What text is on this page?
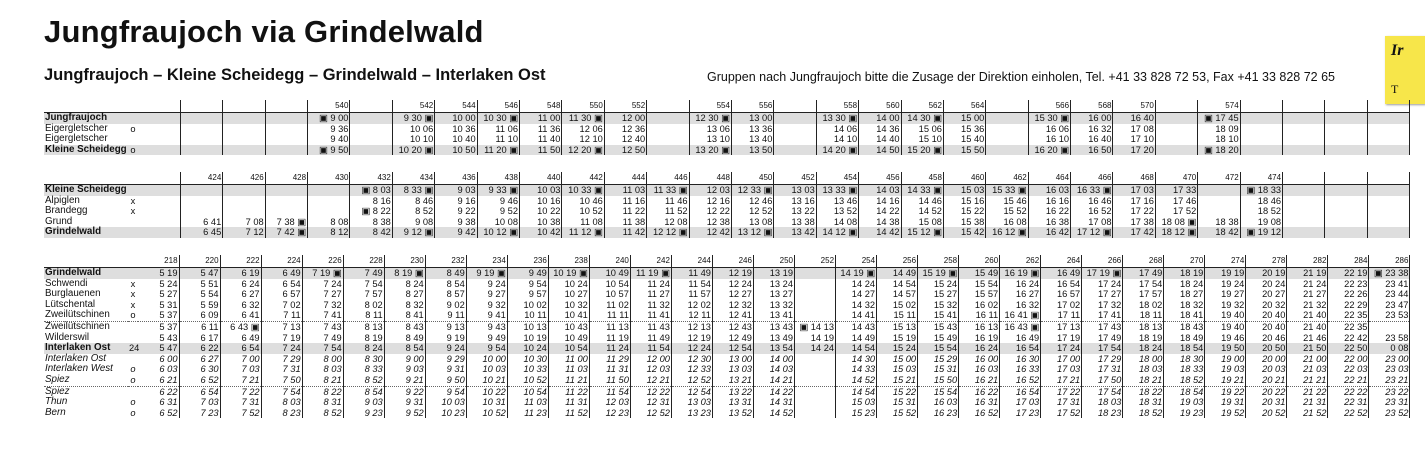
Jungfraujoch via Grindelwald
Jungfraujoch – Kleine Scheidegg – Grindelwald – Interlaken Ost	Gruppen nach Jungfraujoch bitte die Zusage der Direktion einholen, Tel. +41 33 828 72 53, Fax +41 33 828 72 65
Ir
T
						540		542	544	546	548	550	552		554	556		558	560	562	564		566	568	570		574				
Jungfraujoch						▣ 9 00		9 30 ▣	10 00	10 30 ▣	11 00	11 30 ▣	12 00		12 30 ▣	13 00		13 30 ▣	14 00	14 30 ▣	15 00		15 30 ▣	16 00	16 40		▣ 17 45				
Eigergletscher	o					9 36		10 06	10 36	11 06	11 36	12 06	12 36		13 06	13 36		14 06	14 36	15 06	15 36		16 06	16 32	17 08		18 09				
Eigergletscher						9 40		10 10	10 40	11 10	11 40	12 10	12 40		13 10	13 40		14 10	14 40	15 10	15 40		16 10	16 40	17 10		18 10				
Kleine Scheidegg	o					▣ 9 50		10 20 ▣	10 50	11 20 ▣	11 50	12 20 ▣	12 50		13 20 ▣	13 50		14 20 ▣	14 50	15 20 ▣	15 50		16 20 ▣	16 50	17 20		▣ 18 20				
			424	426	428	430	432	434	436	438	440	442	444	446	448	450	452	454	456	458	460	462	464	466	468	470	472	474			
Kleine Scheidegg							▣ 8 03	8 33 ▣	9 03	9 33 ▣	10 03	10 33 ▣	11 03	11 33 ▣	12 03	12 33 ▣	13 03	13 33 ▣	14 03	14 33 ▣	15 03	15 33 ▣	16 03	16 33 ▣	17 03	17 33		▣ 18 33			
Alpiglen	x						8 16	8 46	9 16	9 46	10 16	10 46	11 16	11 46	12 16	12 46	13 16	13 46	14 16	14 46	15 16	15 46	16 16	16 46	17 16	17 46		18 46			
Brandegg	x						▣ 8 22	8 52	9 22	9 52	10 22	10 52	11 22	11 52	12 22	12 52	13 22	13 52	14 22	14 52	15 22	15 52	16 22	16 52	17 22	17 52		18 52			
Grund			6 41	7 08	7 38 ▣	8 08	8 38	9 08	9 38	10 08	10 38	11 08	11 38	12 08	12 38	13 08	13 38	14 08	14 38	15 08	15 38	16 08	16 38	17 08	17 38	18 08 ▣	18 38	19 08			
Grindelwald			6 45	7 12	7 42 ▣	8 12	8 42	9 12 ▣	9 42	10 12 ▣	10 42	11 12 ▣	11 42	12 12 ▣	12 42	13 12 ▣	13 42	14 12 ▣	14 42	15 12 ▣	15 42	16 12 ▣	16 42	17 12 ▣	17 42	18 12 ▣	18 42	▣ 19 12			
		218	220	222	224	226	228	230	232	234	236	238	240	242	244	246	250	252	254	256	258	260	262	264	266	268	270	274	278	282	284	286
Grindelwald		5 19	5 47	6 19	6 49	7 19 ▣	7 49	8 19 ▣	8 49	9 19 ▣	9 49	10 19 ▣	10 49	11 19 ▣	11 49	12 19	13 19		14 19 ▣	14 49	15 19 ▣	15 49	16 19 ▣	16 49	17 19 ▣	17 49	18 19	19 19	20 19	21 19	22 19	▣ 23 38
Schwendi	x	5 24	5 51	6 24	6 54	7 24	7 54	8 24	8 54	9 24	9 54	10 24	10 54	11 24	11 54	12 24	13 24		14 24	14 54	15 24	15 54	16 24	16 54	17 24	17 54	18 24	19 24	20 24	21 24	22 23	23 41
Burglauenen	x	5 27	5 54	6 27	6 57	7 27	7 57	8 27	8 57	9 27	9 57	10 27	10 57	11 27	11 57	12 27	13 27		14 27	14 57	15 27	15 57	16 27	16 57	17 27	17 57	18 27	19 27	20 27	21 27	22 26	23 44
Lütschental	x	5 31	5 59	6 32	7 02	7 32	8 02	8 32	9 02	9 32	10 02	10 32	11 02	11 32	12 02	12 32	13 32		14 32	15 02	15 32	16 02	16 32	17 02	17 32	18 02	18 32	19 32	20 32	21 32	22 29	23 47
Zweilütschinen	o	5 37	6 09	6 41	7 11	7 41	8 11	8 41	9 11	9 41	10 11	10 41	11 11	11 41	12 11	12 41	13 41		14 41	15 11	15 41	16 11	16 41 ▣	17 11	17 41	18 11	18 41	19 40	20 40	21 40	22 35	23 53
Zweilütschinen		5 37	6 11	6 43 ▣	7 13	7 43	8 13	8 43	9 13	9 43	10 13	10 43	11 13	11 43	12 13	12 43	13 43	▣ 14 13	14 43	15 13	15 43	16 13	16 43 ▣	17 13	17 43	18 13	18 43	19 40	20 40	21 40	22 35	
Wilderswil		5 43	6 17	6 49	7 19	7 49	8 19	8 49	9 19	9 49	10 19	10 49	11 19	11 49	12 19	12 49	13 49	14 19	14 49	15 19	15 49	16 19	16 49	17 19	17 49	18 19	18 49	19 46	20 46	21 46	22 42	23 58
Interlaken Ost	24	5 47	6 22	6 54	7 24	7 54	8 24	8 54	9 24	9 54	10 24	10 54	11 24	11 54	12 24	12 54	13 54	14 24	14 54	15 24	15 54	16 24	16 54	17 24	17 54	18 24	18 54	19 50	20 50	21 50	22 50	0 08
Interlaken Ost		6 00	6 27	7 00	7 29	8 00	8 30	9 00	9 29	10 00	10 30	11 00	11 29	12 00	12 30	13 00	14 00		14 30	15 00	15 29	16 00	16 30	17 00	17 29	18 00	18 30	19 00	20 00	21 00	22 00	23 00
Interlaken West	o	6 03	6 30	7 03	7 31	8 03	8 33	9 03	9 31	10 03	10 33	11 03	11 31	12 03	12 33	13 03	14 03		14 33	15 03	15 31	16 03	16 33	17 03	17 31	18 03	18 33	19 03	20 03	21 03	22 03	23 03
Spiez	o	6 21	6 52	7 21	7 50	8 21	8 52	9 21	9 50	10 21	10 52	11 21	11 50	12 21	12 52	13 21	14 21		14 52	15 21	15 50	16 21	16 52	17 21	17 50	18 21	18 52	19 21	20 21	21 21	22 21	23 21
Spiez		6 22	6 54	7 22	7 54	8 22	8 54	9 22	9 54	10 22	10 54	11 22	11 54	12 22	12 54	13 22	14 22		14 54	15 22	15 54	16 22	16 54	17 22	17 54	18 22	18 54	19 22	20 22	21 22	22 22	23 22
Thun	o	6 31	7 03	7 31	8 03	8 31	9 03	9 31	10 03	10 31	11 03	11 31	12 03	12 31	13 03	13 31	14 31		15 03	15 31	16 03	16 31	17 03	17 31	18 03	18 31	19 03	19 31	20 31	21 31	22 31	23 31
Bern	o	6 52	7 23	7 52	8 23	8 52	9 23	9 52	10 23	10 52	11 23	11 52	12 23	12 52	13 23	13 52	14 52		15 23	15 52	16 23	16 52	17 23	17 52	18 23	18 52	19 23	19 52	20 52	21 52	22 52	23 52
